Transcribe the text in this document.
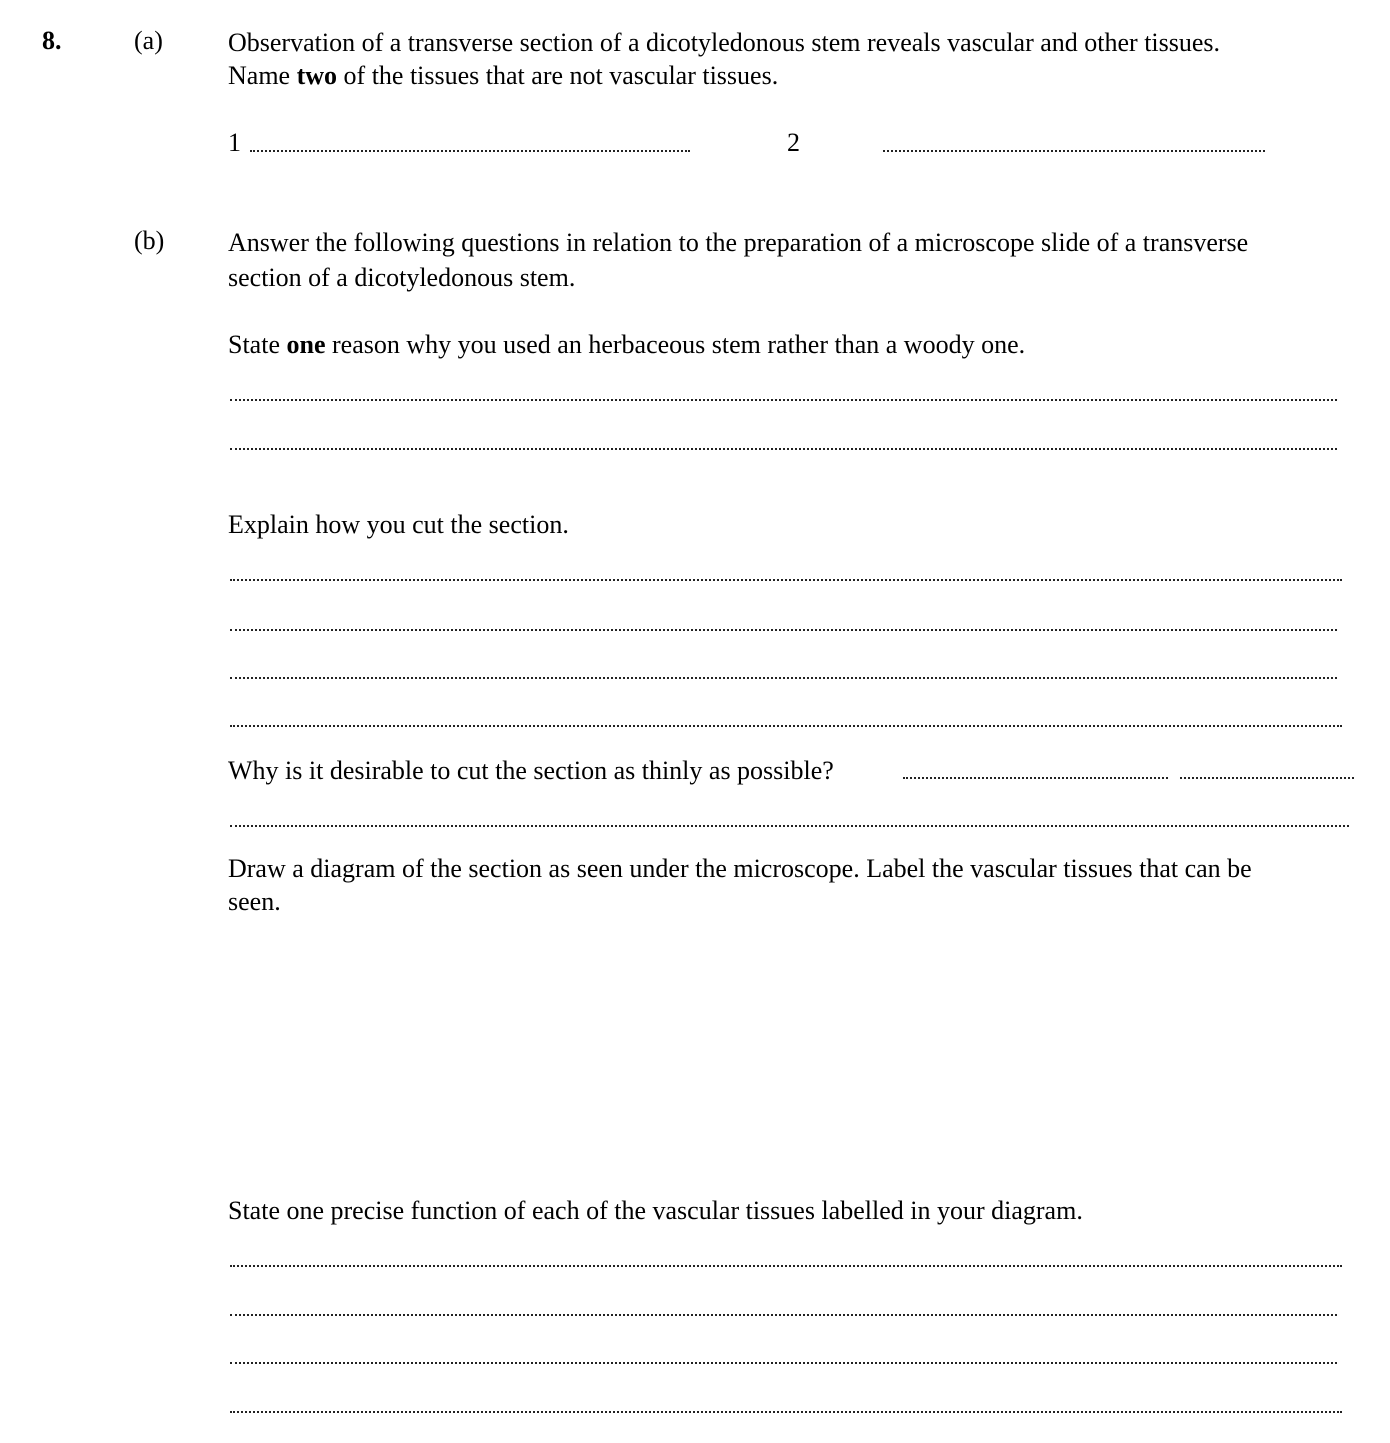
8.	(a)	Observation of a transverse section of a dicotyledonous stem reveals vascular and other tissues.
Name two of the tissues that are not vascular tissues.
1	2
(b) Answer the following questions in relation to the preparation of a microscope slide of a transverse
section of a dicotyledonous stem.
State one reason why you used an herbaceous stem rather than a woody one.
Explain how you cut the section.
Why is it desirable to cut the section as thinly as possible?
Draw a diagram of the section as seen under the microscope. Label the vascular tissues that can be
seen.
State one precise function of each of the vascular tissues labelled in your diagram.
